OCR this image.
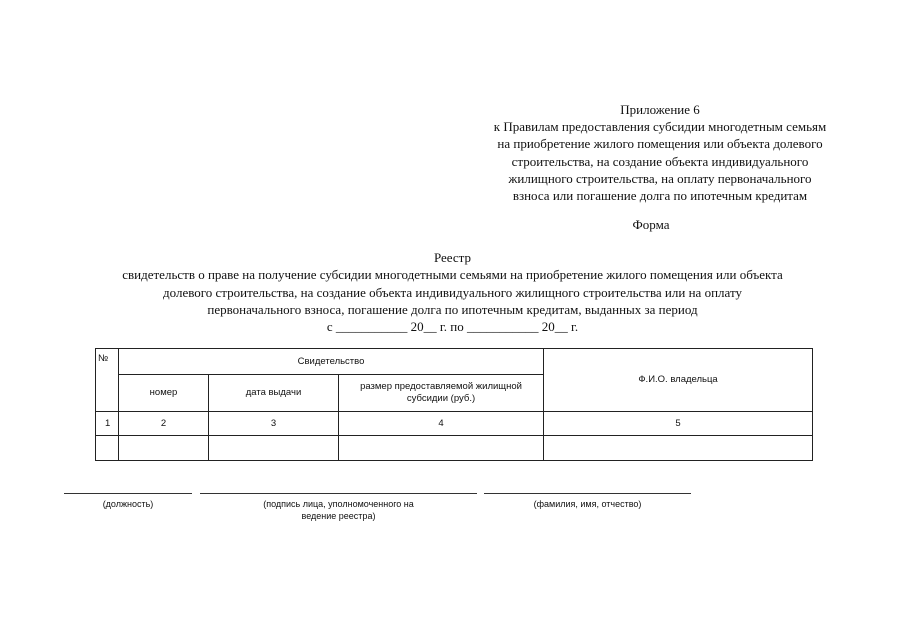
Приложение 6
к Правилам предоставления субсидии многодетным семьям
на приобретение жилого помещения или объекта долевого
строительства, на создание объекта индивидуального
жилищного строительства, на оплату первоначального
взноса или погашение долга по ипотечным кредитам
Форма
Реестр
свидетельств о праве на получение субсидии многодетными семьями на приобретение жилого помещения или объекта
долевого строительства, на создание объекта индивидуального жилищного строительства или на оплату
первоначального взноса, погашение долга по ипотечным кредитам, выданных за период
с ___________ 20__ г. по ___________ 20__ г.
№	Свидетельство			Ф.И.О. владельца
	номер	дата выдачи	размер предоставляемой жилищной субсидии (руб.)	
1	2	3	4	5

(должность)	(подпись лица, уполномоченного на ведение реестра)
(фамилия, имя, отчество)
